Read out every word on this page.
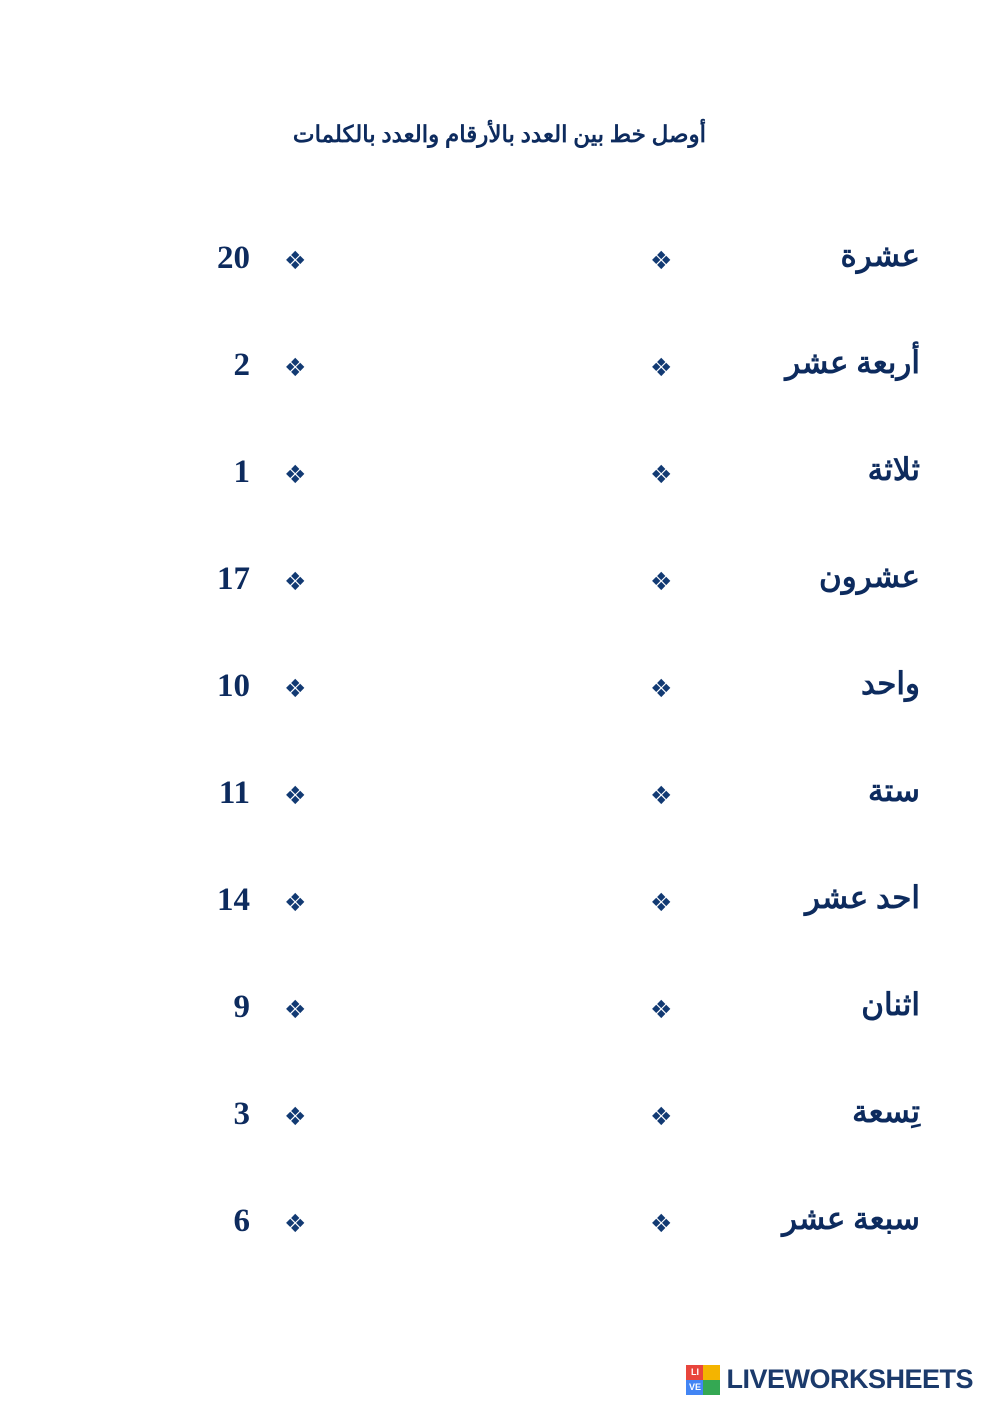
أوصل خط بين العدد بالأرقام والعدد بالكلمات
20 ❖	❖	عشرة
2 ❖	❖	أربعة عشر
1 ❖	❖	ثلاثة
17 ❖	❖	عشرون
10 ❖	❖	واحد
11 ❖	❖	ستة
14 ❖	❖	احد عشر
9 ❖	❖	اثنان
3 ❖	❖	تِسعة
6 ❖	❖	سبعة عشر
LI
VE LIVEWORKSHEETS
